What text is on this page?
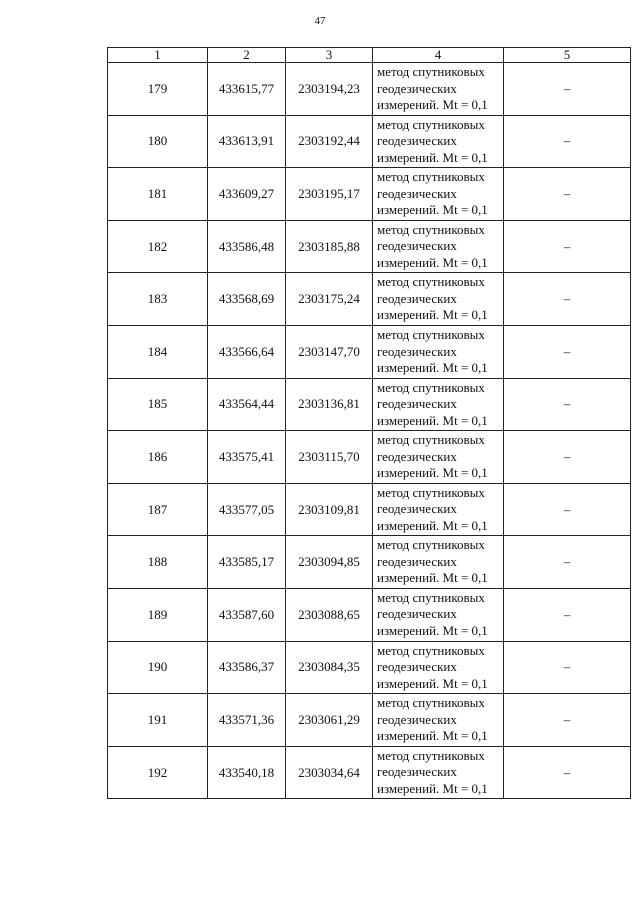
47
1	2	3	4	5
179	433615,77	2303194,23	метод спутниковых
геодезических
измерений. Mt = 0,1	–
180	433613,91	2303192,44	метод спутниковых
геодезических
измерений. Mt = 0,1	–
181	433609,27	2303195,17	метод спутниковых
геодезических
измерений. Mt = 0,1	–
182	433586,48	2303185,88	метод спутниковых
геодезических
измерений. Mt = 0,1	–
183	433568,69	2303175,24	метод спутниковых
геодезических
измерений. Mt = 0,1	–
184	433566,64	2303147,70	метод спутниковых
геодезических
измерений. Mt = 0,1	–
185	433564,44	2303136,81	метод спутниковых
геодезических
измерений. Mt = 0,1	–
186	433575,41	2303115,70	метод спутниковых
геодезических
измерений. Mt = 0,1	–
187	433577,05	2303109,81	метод спутниковых
геодезических
измерений. Mt = 0,1	–
188	433585,17	2303094,85	метод спутниковых
геодезических
измерений. Mt = 0,1	–
189	433587,60	2303088,65	метод спутниковых
геодезических
измерений. Mt = 0,1	–
190	433586,37	2303084,35	метод спутниковых
геодезических
измерений. Mt = 0,1	–
191	433571,36	2303061,29	метод спутниковых
геодезических
измерений. Mt = 0,1	–
192	433540,18	2303034,64	метод спутниковых
геодезических
измерений. Mt = 0,1	–
